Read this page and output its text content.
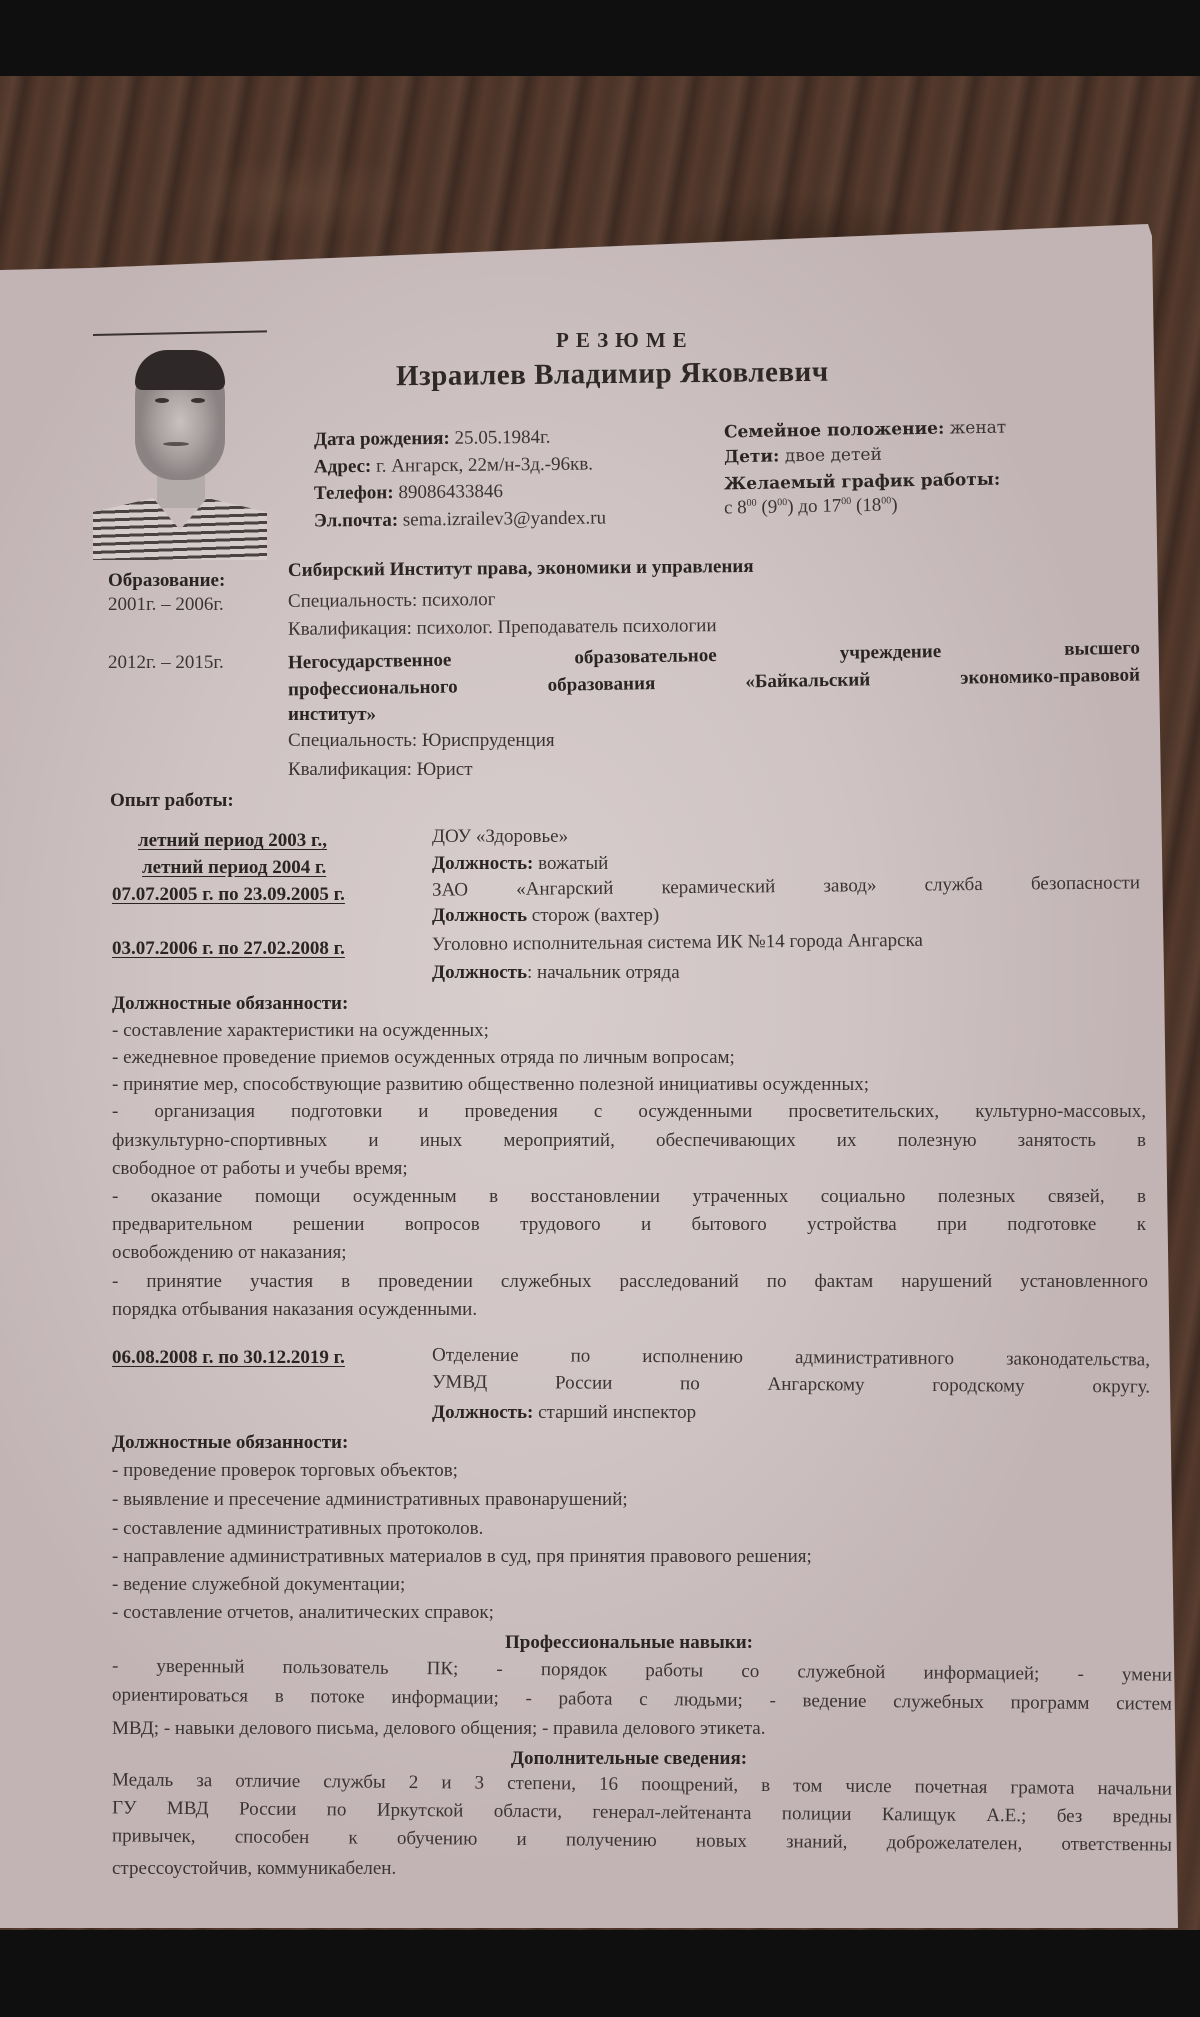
РЕЗЮМЕ
Израилев Владимир Яковлевич
Дата рождения: 25.05.1984г.
Адрес: г. Ангарск, 22м/н-3д.-96кв.
Телефон: 89086433846
Эл.почта: sema.izrailev3@yandex.ru
Семейное положение: женат
Дети: двое детей
Желаемый график работы:
с $8^{00}$ $(9^{00})$ до $17^{00}$ $(18^{00})$
Образование:	Сибирский Институт права, экономики и управления
2001г. – 2006г.	Специальность: психолог
Квалификация: психолог. Преподаватель психологии
2012г. – 2015г.	Негосударственное образовательное учреждение высшего
профессионального образования «Байкальский экономико-правовой
институт»
Специальность: Юриспруденция
Квалификация: Юрист
Опыт работы:
летний период 2003 г.,	ДОУ «Здоровье»
летний период 2004 г.	Должность: вожатый
07.07.2005 г. по 23.09.2005 г.	ЗАО «Ангарский керамический завод» служба безопасности
Должность сторож (вахтер)
03.07.2006 г. по 27.02.2008 г.	Уголовно исполнительная система ИК №14 города Ангарска
Должность: начальник отряда
Должностные обязанности:
- составление характеристики на осужденных;
- ежедневное проведение приемов осужденных отряда по личным вопросам;
- принятие мер, способствующие развитию общественно полезной инициативы осужденных;
- организация подготовки и проведения с осужденными просветительских, культурно-массовых,
физкультурно-спортивных и иных мероприятий, обеспечивающих их полезную занятость в
свободное от работы и учебы время;
- оказание помощи осужденным в восстановлении утраченных социально полезных связей, в
предварительном решении вопросов трудового и бытового устройства при подготовке к
освобождению от наказания;
- принятие участия в проведении служебных расследований по фактам нарушений установленного
порядка отбывания наказания осужденными.
06.08.2008 г. по 30.12.2019 г.	Отделение по исполнению административного законодательства,
УМВД России по Ангарскому городскому округу.
Должность: старший инспектор
Должностные обязанности:
- проведение проверок торговых объектов;
- выявление и пресечение административных правонарушений;
- составление административных протоколов.
- направление административных материалов в суд, пря принятия правового решения;
- ведение служебной документации;
- составление отчетов, аналитических справок;
Профессиональные навыки:
- уверенный пользователь ПК; - порядок работы со служебной информацией; - умени
ориентироваться в потоке информации; - работа с людьми; - ведение служебных программ систем
МВД; - навыки делового письма, делового общения; - правила делового этикета.
Дополнительные сведения:
Медаль за отличие службы 2 и 3 степени, 16 поощрений, в том числе почетная грамота начальни
ГУ МВД России по Иркутской области, генерал-лейтенанта полиции Калищук А.Е.; без вредны
привычек, способен к обучению и получению новых знаний, доброжелателен, ответственны
стрессоустойчив, коммуникабелен.
